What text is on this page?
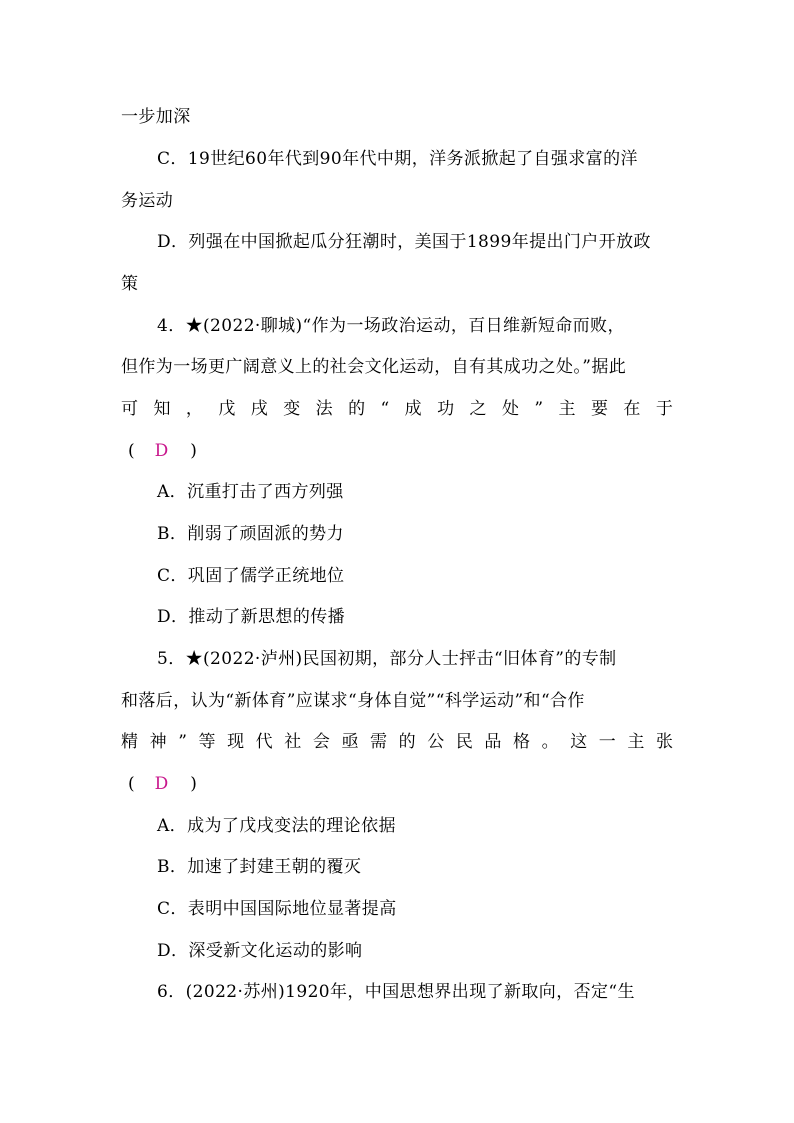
一步加深
C．19世纪60年代到90年代中期，洋务派掀起了自强求富的洋
务运动
D．列强在中国掀起瓜分狂潮时，美国于1899年提出门户开放政
策
4．★(2022·聊城)“作为一场政治运动，百日维新短命而败，
但作为一场更广阔意义上的社会文化运动，自有其成功之处。”据此
可 知 ， 戊 戌 变 法 的 “ 成 功 之 处 ” 主 要 在 于
( D )
A．沉重打击了西方列强
B．削弱了顽固派的势力
C．巩固了儒学正统地位
D．推动了新思想的传播
5．★(2022·泸州)民国初期，部分人士抨击“旧体育”的专制
和落后，认为“新体育”应谋求“身体自觉”“科学运动”和“合作
精 神 ” 等 现 代 社 会 亟 需 的 公 民 品 格 。 这 一 主 张
( D )
A．成为了戊戌变法的理论依据
B．加速了封建王朝的覆灭
C．表明中国国际地位显著提高
D．深受新文化运动的影响
6．(2022·苏州)1920年，中国思想界出现了新取向，否定“生
